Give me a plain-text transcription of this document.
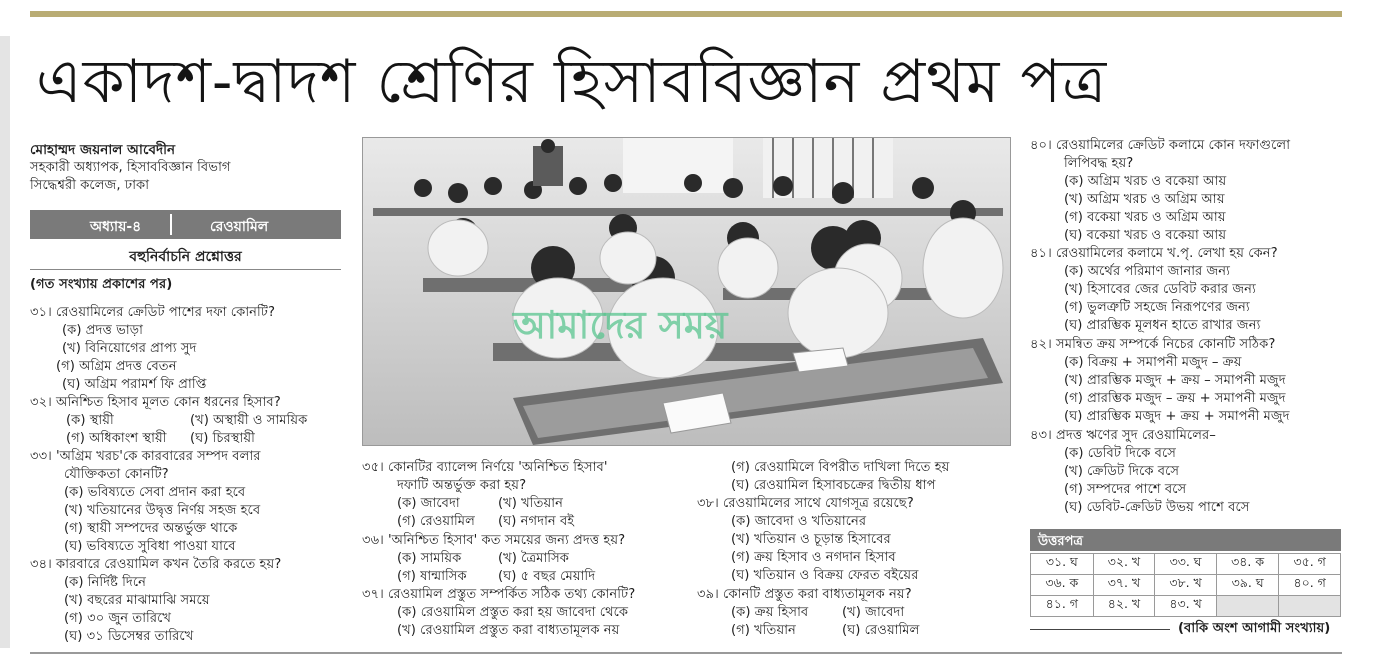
একাদশ-দ্বাদশ শ্রেণির হিসাববিজ্ঞান প্রথম পত্র
মোহাম্মদ জয়নাল আবেদীন
সহকারী অধ্যাপক, হিসাববিজ্ঞান বিভাগ
সিদ্ধেশ্বরী কলেজ, ঢাকা
অধ্যায়-৪	রেওয়ামিল
বহুনির্বাচনি প্রশ্নোত্তর
(গত সংখ্যায় প্রকাশের পর)
৩১। রেওয়ামিলের ক্রেডিট পাশের দফা কোনটি?
(ক) প্রদত্ত ভাড়া
(খ) বিনিয়োগের প্রাপ্য সুদ
(গ) অগ্রিম প্রদত্ত বেতন
(ঘ) অগ্রিম পরামর্শ ফি প্রাপ্তি
৩২। অনিশ্চিত হিসাব মূলত কোন ধরনের হিসাব?
(ক) স্থায়ী	(খ) অস্থায়ী ও সাময়িক
(গ) অধিকাংশ স্থায়ী (ঘ) চিরস্থায়ী
৩৩। 'অগ্রিম খরচ'কে কারবারের সম্পদ বলার
যৌক্তিকতা কোনটি?
(ক) ভবিষ্যতে সেবা প্রদান করা হবে
(খ) খতিয়ানের উদ্বৃত্ত নির্ণয় সহজ হবে
(গ) স্থায়ী সম্পদের অন্তর্ভুক্ত থাকে
(ঘ) ভবিষ্যতে সুবিধা পাওয়া যাবে
৩৪। কারবারে রেওয়ামিল কখন তৈরি করতে হয়?
(ক) নির্দিষ্ট দিনে
(খ) বছরের মাঝামাঝি সময়ে
(গ) ৩০ জুন তারিখে
(ঘ) ৩১ ডিসেম্বর তারিখে
আমাদের সময়
৩৫। কোনটির ব্যালেন্স নির্ণয়ে 'অনিশ্চিত হিসাব'
দফাটি অন্তর্ভুক্ত করা হয়?
(ক) জাবেদা	(খ) খতিয়ান
(গ) রেওয়ামিল (ঘ) নগদান বই
৩৬। 'অনিশ্চিত হিসাব' কত সময়ের জন্য প্রদত্ত হয়?
(ক) সাময়িক	(খ) ত্রৈমাসিক
(গ) ষান্মাসিক (ঘ) ৫ বছর মেয়াদি
৩৭। রেওয়ামিল প্রস্তুত সম্পর্কিত সঠিক তথ্য কোনটি?
(ক) রেওয়ামিল প্রস্তুত করা হয় জাবেদা থেকে
(খ) রেওয়ামিল প্রস্তুত করা বাধ্যতামূলক নয়
(গ) রেওয়ামিলে বিপরীত দাখিলা দিতে হয়
(ঘ) রেওয়ামিল হিসাবচক্রের দ্বিতীয় ধাপ
৩৮। রেওয়ামিলের সাথে যোগসূত্র রয়েছে?
(ক) জাবেদা ও খতিয়ানের
(খ) খতিয়ান ও চূড়ান্ত হিসাবের
(গ) ক্রয় হিসাব ও নগদান হিসাব
(ঘ) খতিয়ান ও বিক্রয় ফেরত বইয়ের
৩৯। কোনটি প্রস্তুত করা বাধ্যতামূলক নয়?
(ক) ক্রয় হিসাব	(খ) জাবেদা
(গ) খতিয়ান	(ঘ) রেওয়ামিল
৪০। রেওয়ামিলের ক্রেডিট কলামে কোন দফাগুলো
লিপিবদ্ধ হয়?
(ক) অগ্রিম খরচ ও বকেয়া আয়
(খ) অগ্রিম খরচ ও অগ্রিম আয়
(গ) বকেয়া খরচ ও অগ্রিম আয়
(ঘ) বকেয়া খরচ ও বকেয়া আয়
৪১। রেওয়ামিলের কলামে খ.পৃ. লেখা হয় কেন?
(ক) অর্থের পরিমাণ জানার জন্য
(খ) হিসাবের জের ডেবিট করার জন্য
(গ) ভুলত্রুটি সহজে নিরূপণের জন্য
(ঘ) প্রারম্ভিক মূলধন হাতে রাখার জন্য
৪২। সমন্বিত ক্রয় সম্পর্কে নিচের কোনটি সঠিক?
(ক) বিক্রয় + সমাপনী মজুদ – ক্রয়
(খ) প্রারম্ভিক মজুদ + ক্রয় – সমাপনী মজুদ
(গ) প্রারম্ভিক মজুদ – ক্রয় + সমাপনী মজুদ
(ঘ) প্রারম্ভিক মজুদ + ক্রয় + সমাপনী মজুদ
৪৩। প্রদত্ত ঋণের সুদ রেওয়ামিলের–
(ক) ডেবিট দিকে বসে
(খ) ক্রেডিট দিকে বসে
(গ) সম্পদের পাশে বসে
(ঘ) ডেবিট-ক্রেডিট উভয় পাশে বসে
উত্তরপত্র
৩১. ঘ	৩২. খ	৩৩. ঘ	৩৪. ক	৩৫. গ
৩৬. ক	৩৭. খ	৩৮. খ	৩৯. ঘ	৪০. গ
৪১. গ	৪২. খ	৪৩. খ		
(বাকি অংশ আগামী সংখ্যায়)
